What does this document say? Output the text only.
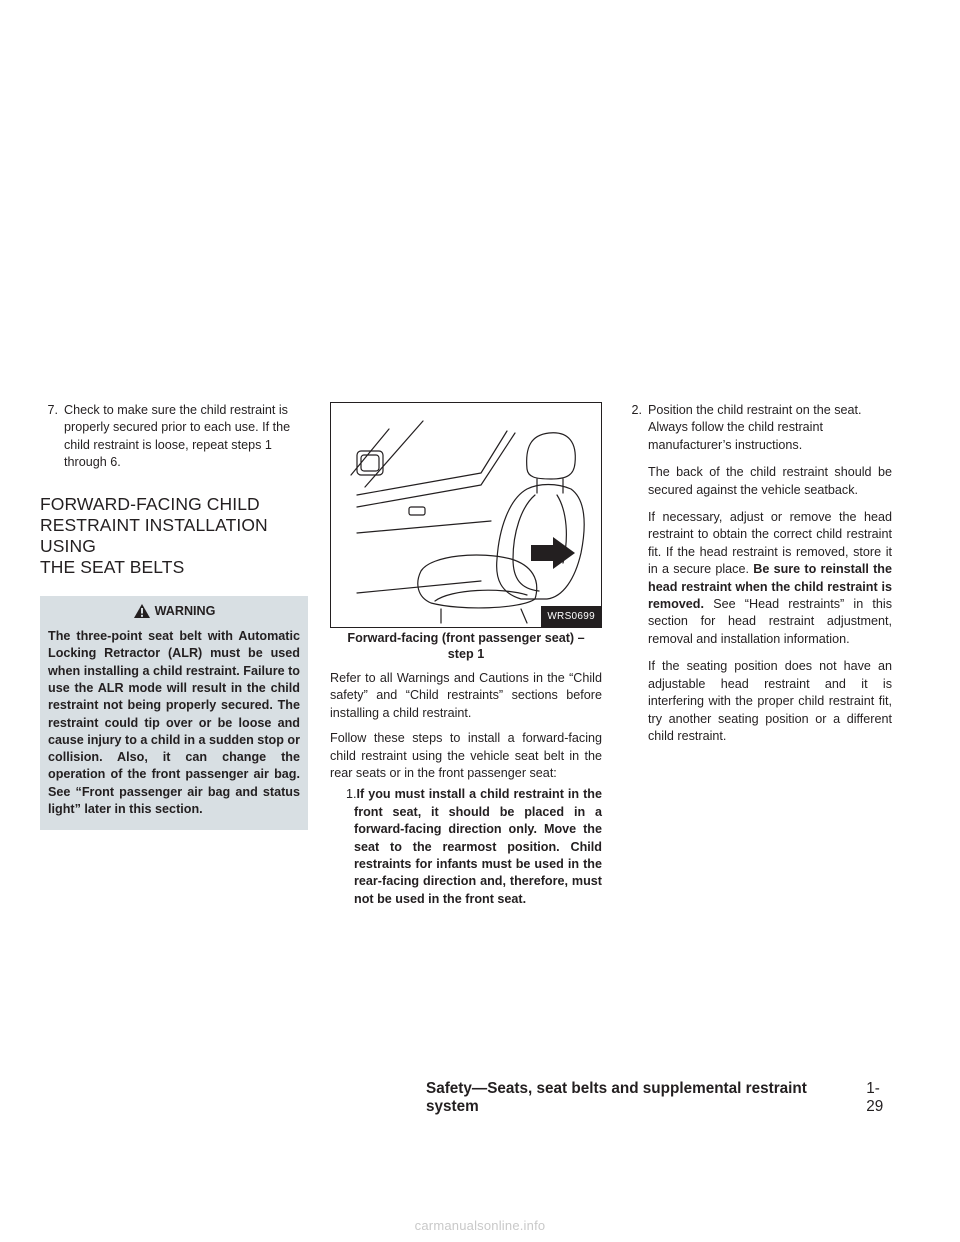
7. Check to make sure the child restraint is properly secured prior to each use. If the child restraint is loose, repeat steps 1 through 6.
FORWARD-FACING CHILD
RESTRAINT INSTALLATION USING
THE SEAT BELTS
WARNING
The three-point seat belt with Automatic Locking Retractor (ALR) must be used when installing a child restraint. Failure to use the ALR mode will result in the child restraint not being properly secured. The restraint could tip over or be loose and cause injury to a child in a sudden stop or collision. Also, it can change the operation of the front passenger air bag. See “Front passenger air bag and status light” later in this section.
WRS0699
Forward-facing (front passenger seat) –
step 1

Refer to all Warnings and Cautions in the “Child safety” and “Child restraints” sections before installing a child restraint.

Follow these steps to install a forward-facing child restraint using the vehicle seat belt in the rear seats or in the front passenger seat:

1.If you must install a child restraint in the front seat, it should be placed in a forward-facing direction only. Move the seat to the rearmost position. Child restraints for infants must be used in the rear-facing direction and, therefore, must not be used in the front seat.
2. Position the child restraint on the seat. Always follow the child restraint manufacturer’s instructions.

The back of the child restraint should be secured against the vehicle seatback.

If necessary, adjust or remove the head restraint to obtain the correct child restraint fit. If the head restraint is removed, store it in a secure place. Be sure to reinstall the head restraint when the child restraint is removed. See “Head restraints” in this section for head restraint adjustment, removal and installation information.

If the seating position does not have an adjustable head restraint and it is interfering with the proper child restraint fit, try another seating position or a different child restraint.

Safety—Seats, seat belts and supplemental restraint system
1-29
carmanualsonline.info
